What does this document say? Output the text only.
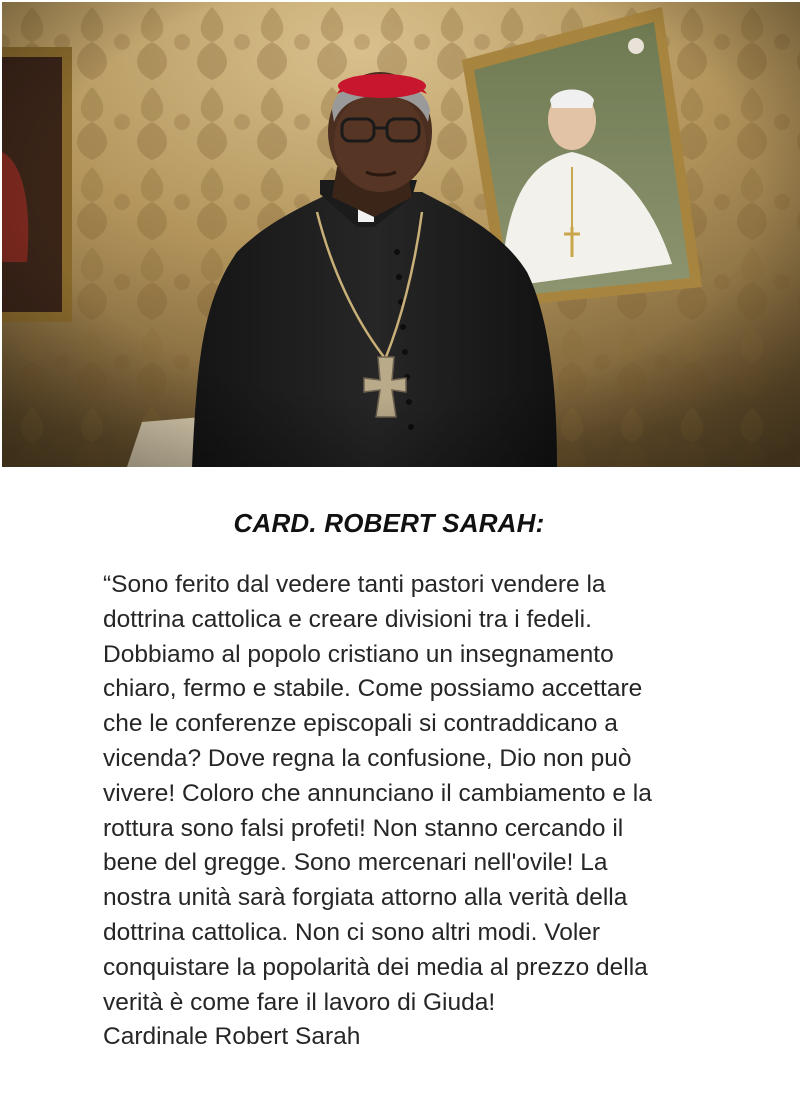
CARD. ROBERT SARAH:
“Sono ferito dal vedere tanti pastori vendere la
dottrina cattolica e creare divisioni tra i fedeli.
Dobbiamo al popolo cristiano un insegnamento
chiaro, fermo e stabile. Come possiamo accettare
che le conferenze episcopali si contraddicano a
vicenda? Dove regna la confusione, Dio non può
vivere! Coloro che annunciano il cambiamento e la
rottura sono falsi profeti! Non stanno cercando il
bene del gregge. Sono mercenari nell'ovile! La
nostra unità sarà forgiata attorno alla verità della
dottrina cattolica. Non ci sono altri modi. Voler
conquistare la popolarità dei media al prezzo della
verità è come fare il lavoro di Giuda!
Cardinale Robert Sarah
